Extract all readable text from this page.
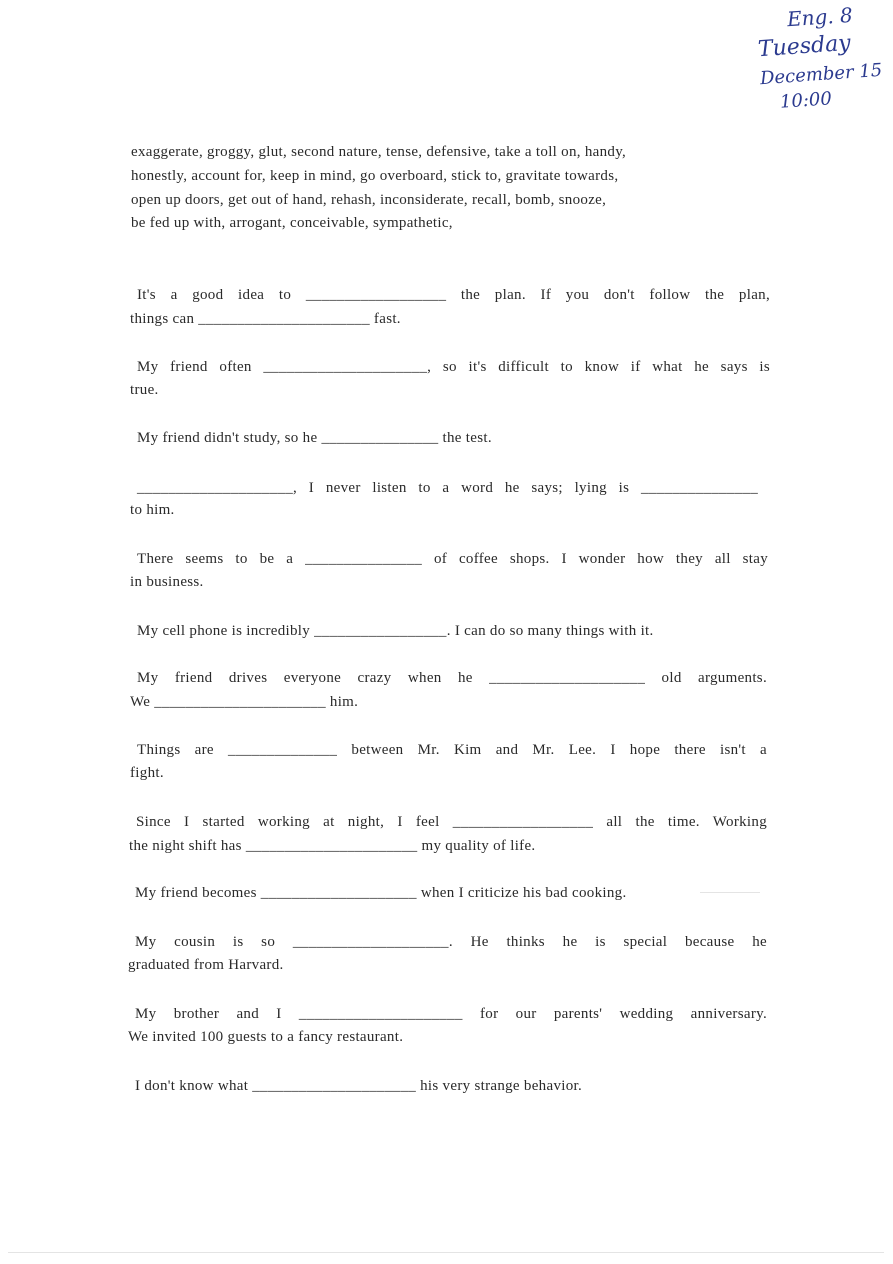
Eng. 8
Tuesday
December 15
10:00
exaggerate, groggy, glut, second nature, tense, defensive, take a toll on, handy,
honestly, account for, keep in mind, go overboard, stick to, gravitate towards,
open up doors, get out of hand, rehash, inconsiderate, recall, bomb, snooze,
be fed up with, arrogant, conceivable, sympathetic,
It's a good idea to __________________ the plan. If you don't follow the plan,
things can ______________________ fast.
My friend often _____________________, so it's difficult to know if what he says is
true.
My friend didn't study, so he _______________ the test.
____________________, I never listen to a word he says; lying is _______________
to him.
There seems to be a _______________ of coffee shops. I wonder how they all stay
in business.
My cell phone is incredibly _________________. I can do so many things with it.
My friend drives everyone crazy when he ____________________ old arguments.
We ______________________ him.
Things are ______________ between Mr. Kim and Mr. Lee. I hope there isn't a
fight.
Since I started working at night, I feel __________________ all the time. Working
the night shift has ______________________ my quality of life.
My friend becomes ____________________ when I criticize his bad cooking.
My cousin is so ____________________. He thinks he is special because he
graduated from Harvard.
My brother and I _____________________ for our parents' wedding anniversary.
We invited 100 guests to a fancy restaurant.
I don't know what _____________________ his very strange behavior.
